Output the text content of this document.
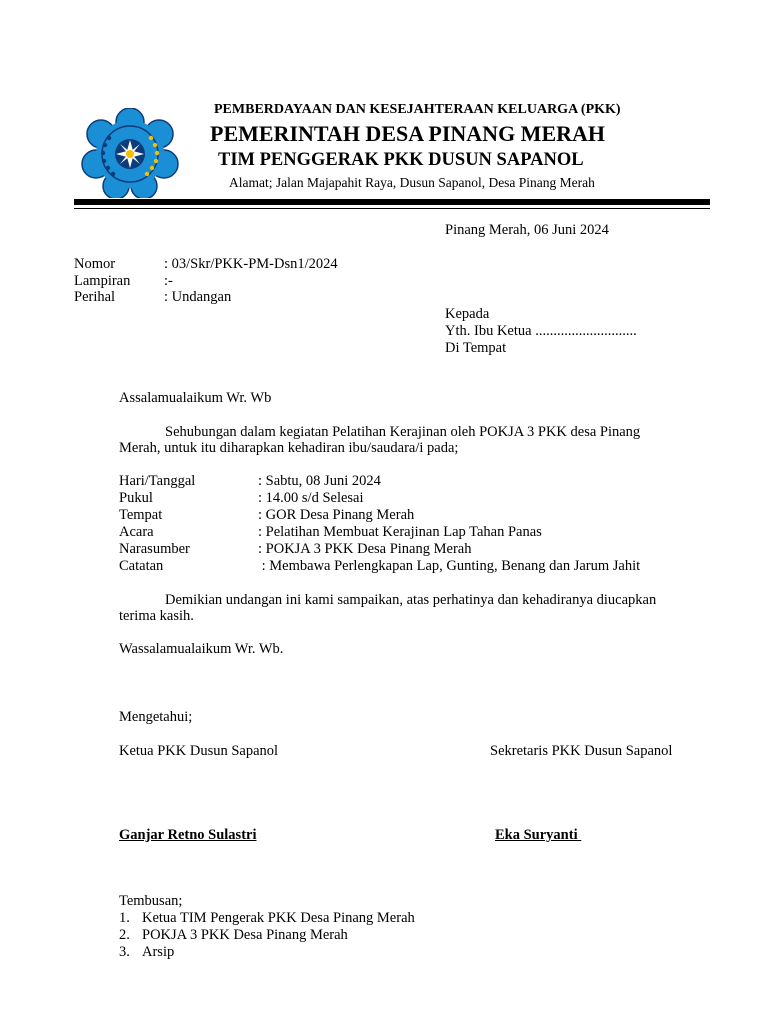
PEMBERDAYAAN DAN KESEJAHTERAAN KELUARGA (PKK)
PEMERINTAH DESA PINANG MERAH
TIM PENGGERAK PKK DUSUN SAPANOL
Alamat; Jalan Majapahit Raya, Dusun Sapanol, Desa Pinang Merah
Pinang Merah, 06 Juni 2024
Nomor	: 03/Skr/PKK-PM-Dsn1/2024
Lampiran :-
Perihal	: Undangan
Kepada
Yth. Ibu Ketua ............................
Di Tempat
Assalamualaikum Wr. Wb
Sehubungan dalam kegiatan Pelatihan Kerajinan oleh POKJA 3 PKK desa Pinang
Merah, untuk itu diharapkan kehadiran ibu/saudara/i pada;
Hari/Tanggal	: Sabtu, 08 Juni 2024
Pukul	: 14.00 s/d Selesai
Tempat	: GOR Desa Pinang Merah
Acara	: Pelatihan Membuat Kerajinan Lap Tahan Panas
Narasumber	: POKJA 3 PKK Desa Pinang Merah
Catatan	: Membawa Perlengkapan Lap, Gunting, Benang dan Jarum Jahit
Demikian undangan ini kami sampaikan, atas perhatinya dan kehadiranya diucapkan
terima kasih.
Wassalamualaikum Wr. Wb.
Mengetahui;
Ketua PKK Dusun Sapanol	Sekretaris PKK Dusun Sapanol
Ganjar Retno Sulastri	Eka Suryanti
Tembusan;
1. Ketua TIM Pengerak PKK Desa Pinang Merah
2. POKJA 3 PKK Desa Pinang Merah
3. Arsip
